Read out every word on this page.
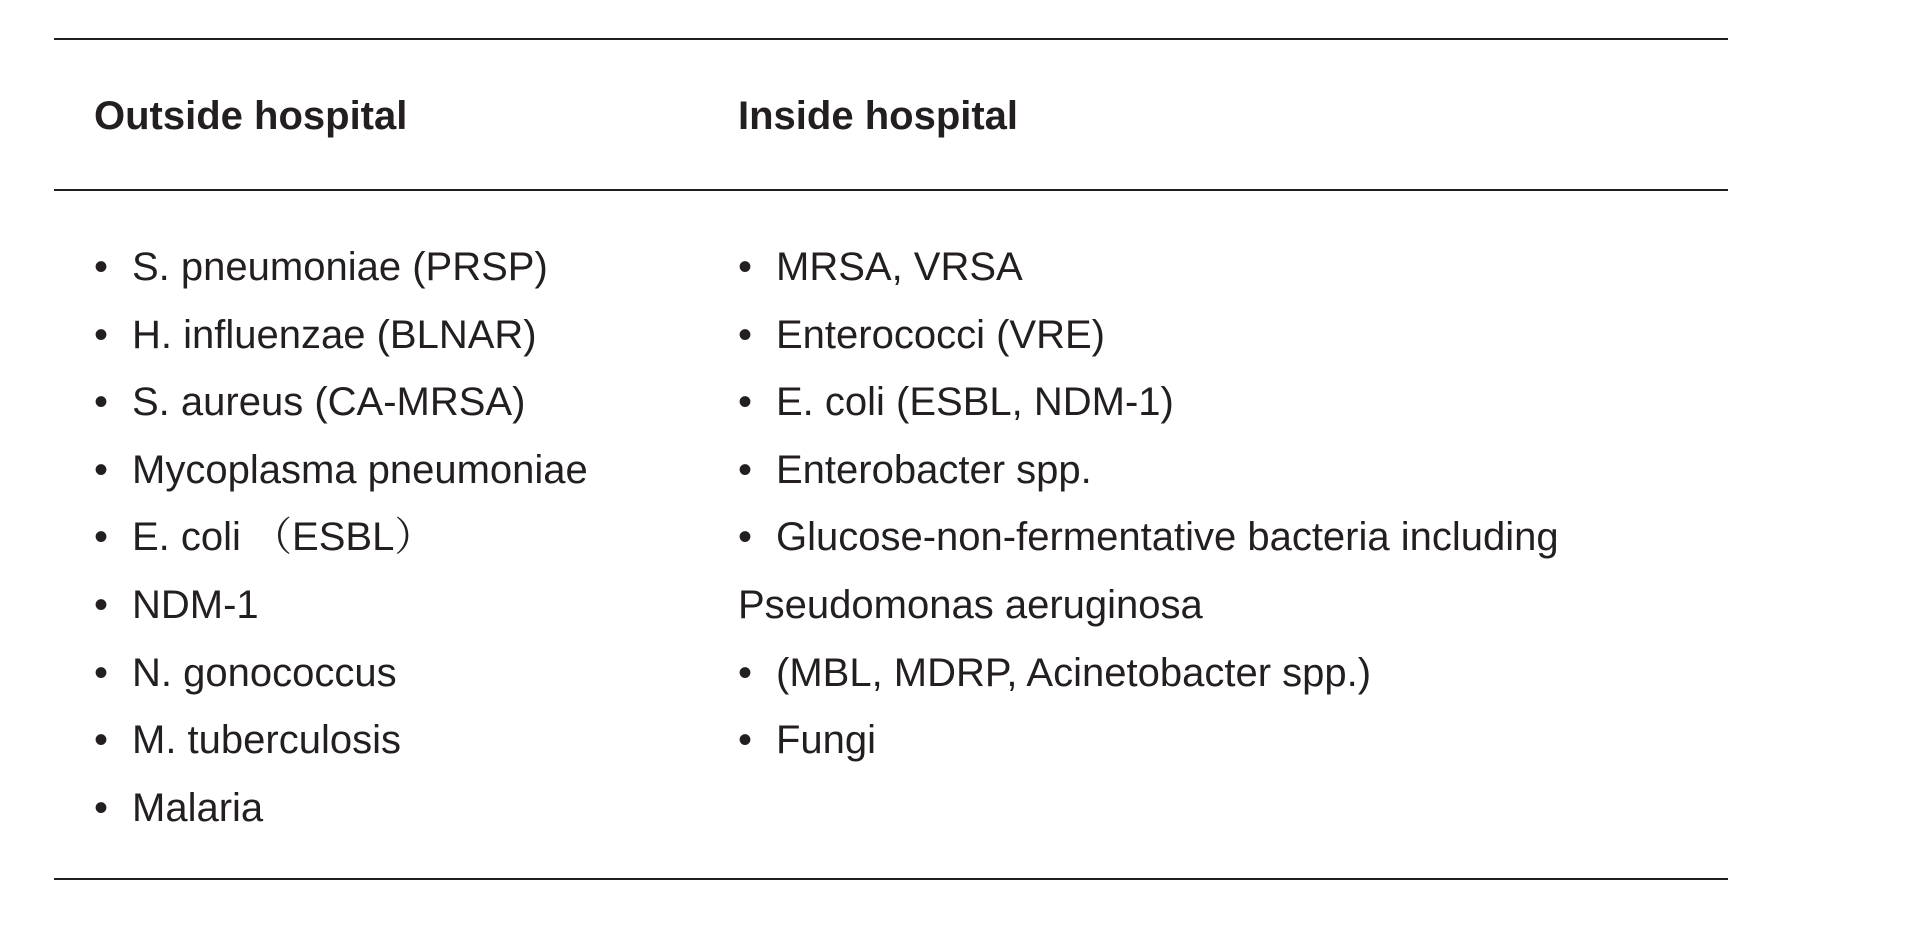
Outside hospital	Inside hospital
• S. pneumoniae (PRSP)
• H. influenzae (BLNAR)
• S. aureus (CA-MRSA)
• Mycoplasma pneumoniae
• E. coli （ESBL）
• NDM-1
• N. gonococcus
• M. tuberculosis
• Malaria
• MRSA, VRSA
• Enterococci (VRE)
• E. coli (ESBL, NDM-1)
• Enterobacter spp.
• Glucose-non-fermentative bacteria including
Pseudomonas aeruginosa
• (MBL, MDRP, Acinetobacter spp.)
• Fungi
